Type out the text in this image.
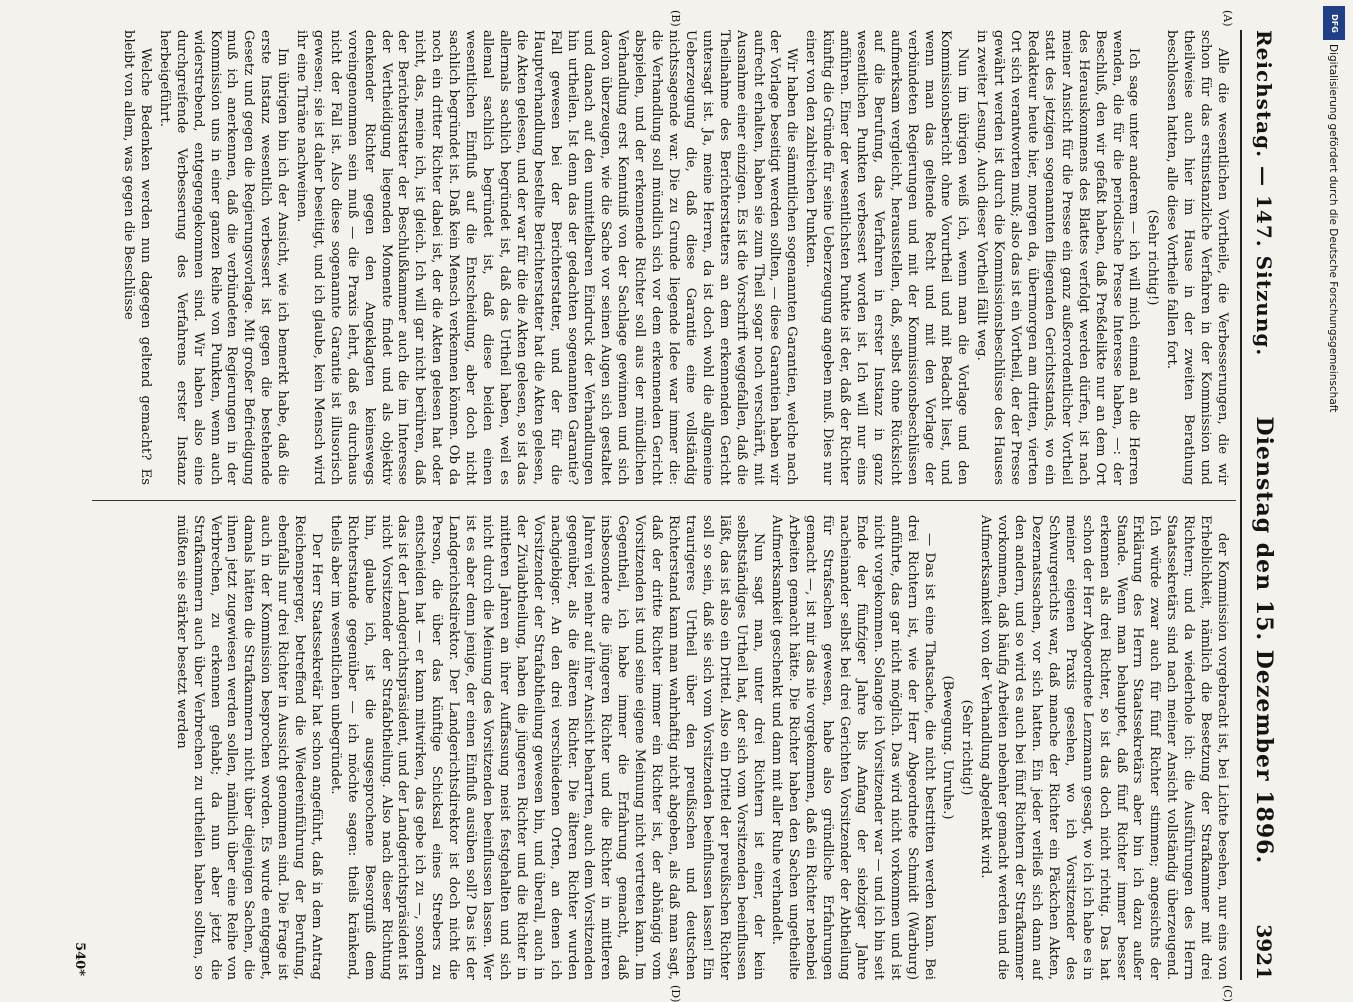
Reichstag. — 147. Sitzung.
Dienstag den 15. Dezember 1896.
3921
(A)
(B)
(C)
(D)

Alle die wesentlichen Vortheile, die Verbesserungen, die wir schon für das erstinstanzliche Verfahren in der Kommission und theilweise auch hier im Hause in der zweiten Berathung beschlossen hatten, alle diese Vortheile fallen fort.

(Sehr richtig!)

Ich sage unter anderem — ich will mich einmal an die Herren wenden, die für die periodische Presse Interesse haben, —: der Beschluß, den wir gefaßt haben, daß Preßdelikte nur an dem Ort des Herauskommens des Blattes verfolgt werden dürfen, ist nach meiner Ansicht für die Presse ein ganz außerordentlicher Vortheil statt des jetzigen sogenannten fliegenden Gerichtsstands, wo ein Redakteur heute hier, morgen da, übermorgen am dritten, vierten Ort sich verantworten muß; also das ist ein Vortheil, der der Presse gewährt werden ist durch die Kommissionsbeschlüsse des Hauses in zweiter Lesung. Auch dieser Vortheil fällt weg.

Nun im übrigen weiß ich, wenn man die Vorlage und den Kommissionsbericht ohne Vorurtheil und mit Bedacht liest, und wenn man das geltende Recht und mit den Vorlage der verbündeten Regierungen und mit der Kommissionsbeschlüssen aufmerksam vergleicht, herausstellen, daß, selbst ohne Rücksicht auf die Berufung, das Verfahren in erster Instanz in ganz wesentlichen Punkten verbessert worden ist. Ich will nur eins anführen. Einer der wesentlichsten Punkte ist der, daß der Richter künftig die Gründe für seine Ueberzeugung angeben muß. Dies nur einer von den zahlreichen Punkten.

Wir haben die sämmtlichen sogenannten Garantien, welche nach der Vorlage beseitigt werden sollten, — diese Garantien haben wir aufrecht erhalten, haben sie zum Theil sogar noch verschärft, mit Ausnahme einer einzigen. Es ist die Vorschrift weggefallen, daß die Theilnahme des Berichterstatters an dem erkennenden Gericht untersagt ist. Ja, meine Herren, da ist doch wohl die allgemeine Ueberzeugung die, daß diese Garantie eine vollständig nichtssagende war. Die zu Grunde liegende Idee war immer die: die Verhandlung soll mündlich sich vor dem erkennenden Gericht abspielen, und der erkennende Richter soll aus der mündlichen Verhandlung erst Kenntniß von der Sachlage gewinnen und sich davon überzeugen, wie die Sache vor seinen Augen sich gestaltet und danach auf den unmittelbaren Eindruck der Verhandlungen hin urtheilen. Ist denn das der gedachten sogenannten Garantie? Fall gewesen bei der Berichterstatter, und der für die Hauptverhandlung bestellte Berichterstatter hat die Akten gelesen, die Akten gelesen, und der war für die die Akten gelesen, so ist das allermals sachlich begründet ist, daß das Urtheil haben, weil es allemal sachlich begründet ist, daß diese beiden einen wesentlichen Einfluß auf die Entscheidung, aber doch nicht sachlich begründet ist. Daß kein Mensch verkennen können. Ob da noch ein dritter Richter dabei ist, der die Akten gelesen hat oder nicht, das, meine ich, ist gleich. Ich will gar nicht berühren, daß der Berichterstatter der Beschlußkammer auch die im Interesse der Vertheidigung liegenden Momente findet und als objektiv denkender Richter gegen den Angeklagten keineswegs voreingenommen sein muß — die Praxis lehrt, daß es durchaus nicht der Fall ist. Also diese sogenannte Garantie ist illusorisch gewesen; sie ist daher beseitigt, und ich glaube, kein Mensch wird ihr eine Thräne nachweinen.

Im übrigen bin ich der Ansicht, wie ich bemerkt habe, daß die erste Instanz wesentlich verbessert ist gegen die bestehende Gesetz und gegen die Regierungsvorlage. Mit großer Befriedigung muß ich anerkennen, daß die verbündeten Regierungen in der Kommission uns in einer ganzen Reihe von Punkten, wenn auch widerstrebend, entgegengekommen sind. Wir haben also eine durchgreifende Verbesserung des Verfahrens erster Instanz herbeigeführt.

Welche Bedenken werden nun dagegen geltend gemacht? Es bleibt von allem, was gegen die Beschlüsse

der Kommission vorgebracht ist, bei Lichte besehen, nur eins von Erheblichkeit, nämlich die Besetzung der Strafkammer mit drei Richtern; und da wiederhole ich: die Ausführungen des Herrn Staatssekretärs sind nach meiner Ansicht vollständig überzeugend. Ich würde zwar auch für fünf Richter stimmen; angesichts der Erklärung des Herrn Staatssekretärs aber bin ich dazu außer Stande. Wenn man behauptet, daß fünf Richter immer besser erkennen als drei Richter, so ist das doch nicht richtig. Das hat schon der Herr Abgeordnete Lenzmann gesagt, wo ich ich habe es in meiner eigenen Praxis gesehen, wo ich Vorsitzender des Schwurgerichts war, daß manche der Richter ein Päckchen Akten, Dezernatssachen, vor sich hatten. Ein jeder verließ sich dann auf den andern, und so wird es auch bei fünf Richtern der Strafkammer vorkommen, daß häufig Arbeiten nebenher gemacht werden und die Aufmerksamkeit von der Verhandlung abgelenkt wird.

(Sehr richtig!)

(Bewegung. Unruhe.)

— Das ist eine Thatsache, die nicht bestritten werden kann. Bei drei Richtern ist, wie der Herr Abgeordnete Schmidt (Warburg) anführte, das gar nicht möglich. Das wird nicht vorkommen und ist nicht vorgekommen. Solange ich Vorsitzender war — und ich bin seit Ende der fünfziger Jahre bis Anfang der siebziger Jahre nacheinander selbst bei drei Gerichten Vorsitzender der Abtheilung für Strafsachen gewesen, habe also gründliche Erfahrungen gemacht —, ist mir das nie vorgekommen, daß ein Richter nebenbei Arbeiten gemacht hätte. Die Richter haben den Sachen ungetheilte Aufmerksamkeit geschenkt und dann mit aller Ruhe verhandelt.

Nun sagt man, unter drei Richtern ist einer, der kein selbstständiges Urtheil hat, der sich vom Vorsitzenden beeinflussen läßt, das ist also ein Drittel. Also ein Drittel der preußischen Richter soll so sein, daß sie sich vom Vorsitzenden beeinflussen lassen! Ein traurigeres Urtheil über den preußischen und deutschen Richterstand kann man wahrhaftig nicht abgeben, als daß man sagt, daß der dritte Richter immer ein Richter ist, der abhängig vom Vorsitzenden ist und seine eigene Meinung nicht vertreten kann. Im Gegentheil, ich habe immer die Erfahrung gemacht, daß insbesondere die jüngeren Richter und die Richter in mittleren Jahren viel mehr auf ihrer Ansicht beharrten, auch dem Vorsitzenden gegenüber, als die älteren Richter. Die älteren Richter wurden nachgiebiger. An den drei verschiedenen Orten, an denen ich Vorsitzender der Strafabtheilung gewesen bin, und überall, auch in der Zivilabtheilung, haben die jüngeren Richter und die Richter in mittleren Jahren an ihrer Auffassung meist festgehalten und sich nicht durch die Meinung des Vorsitzenden beeinflussen lassen. Wer ist es aber denn jenige, der einen Einfluß ausüben soll? Das ist der Landgerichtsdirektor. Der Landgerichtsdirektor ist doch nicht die Person, die über das künftige Schicksal eines Strebers zu entscheiden hat — er kann mitwirken, das gebe ich zu —, sondern das ist der Landgerichtspräsident, und der Landgerichtspräsident ist nicht Vorsitzender der Strafabtheilung. Also nach dieser Richtung hin, glaube ich, ist die ausgesprochene Besorgniß dem Richterstande gegenüber — ich möchte sagen: theils kränkend, theils aber im wesentlichen unbegründet.

Der Herr Staatssekretär hat schon angeführt, daß in dem Antrag Reichensperger, betreffend die Wiedereinführung der Berufung, ebenfalls nur drei Richter in Aussicht genommen sind. Die Frage ist auch in der Kommission besprochen worden. Es wurde entgegnet, damals hätten die Strafkammern nicht über diejenigen Sachen, die ihnen jetzt zugewiesen werden sollen, nämlich über eine Reihe von Verbrechen, zu erkennen gehabt; da nun aber jetzt die Strafkammern auch über Verbrechen zu urtheilen haben sollten, so müßten sie stärker besetzt werden

540*
DFG
Digitalisierung gefördert durch die Deutsche Forschungsgemeinschaft
